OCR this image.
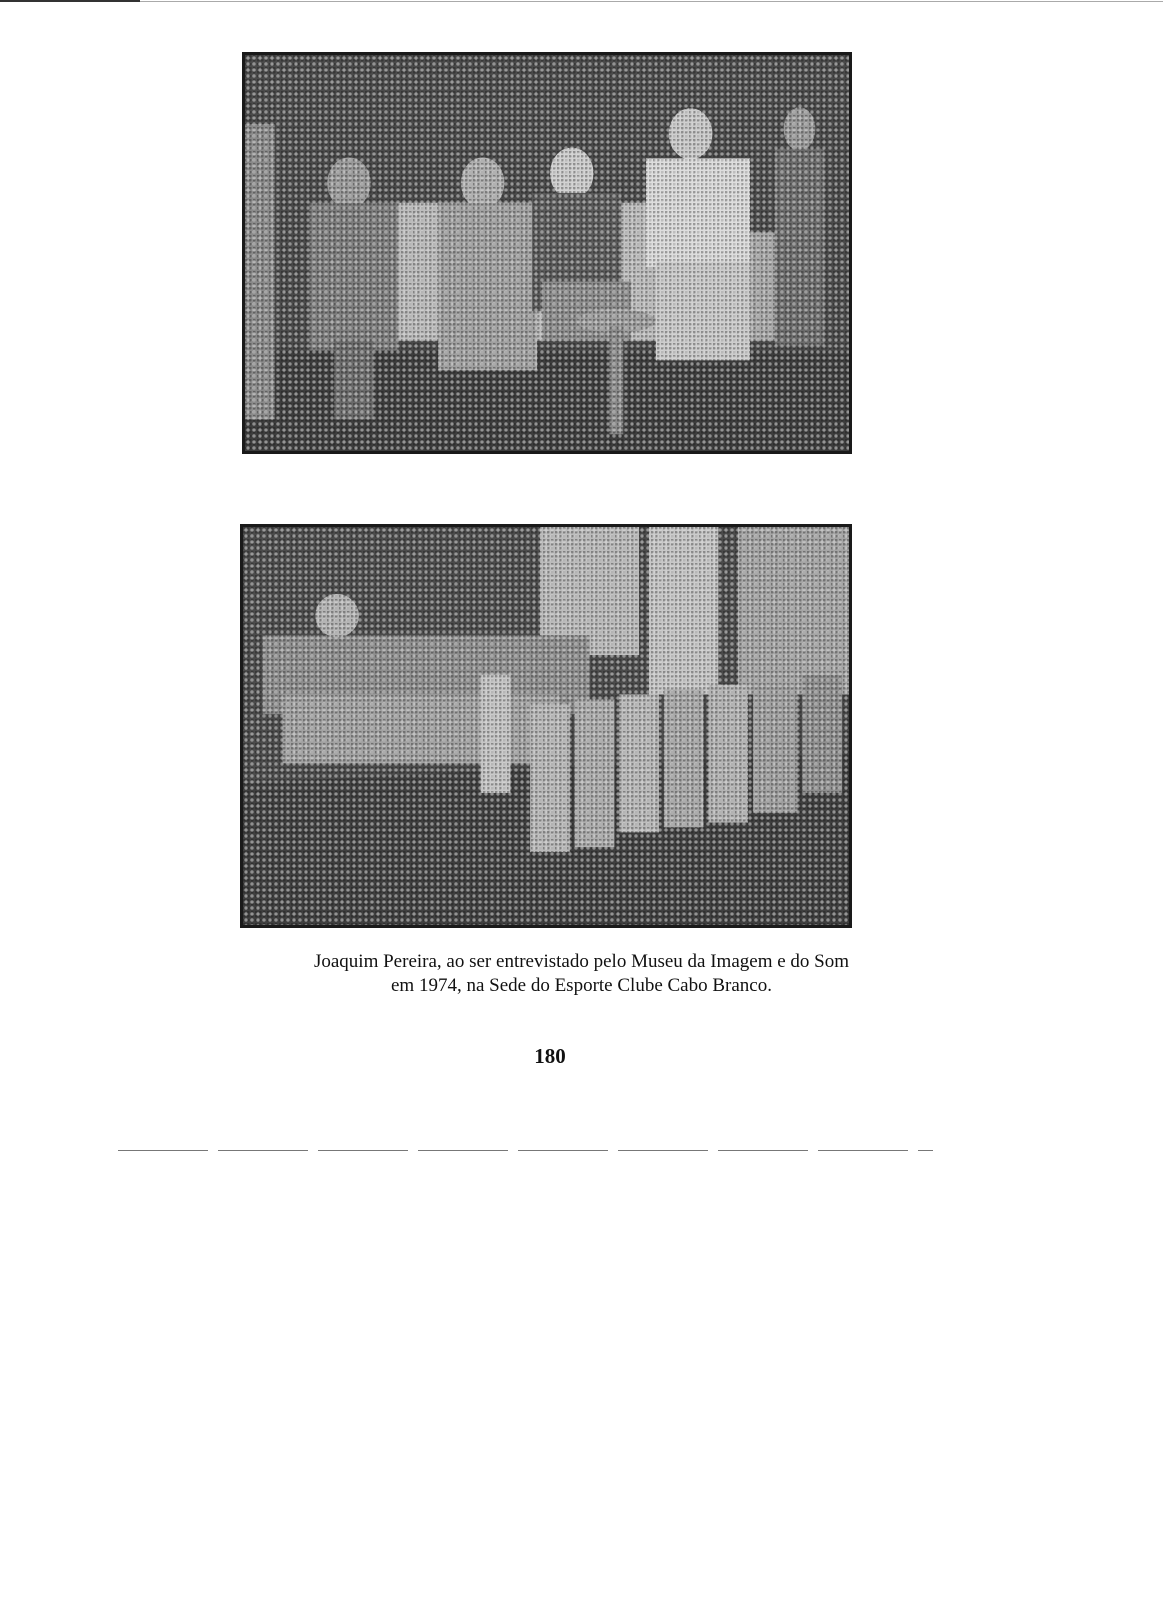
Joaquim Pereira, ao ser entrevistado pelo Museu da Imagem e do Som
em 1974, na Sede do Esporte Clube Cabo Branco.
180
